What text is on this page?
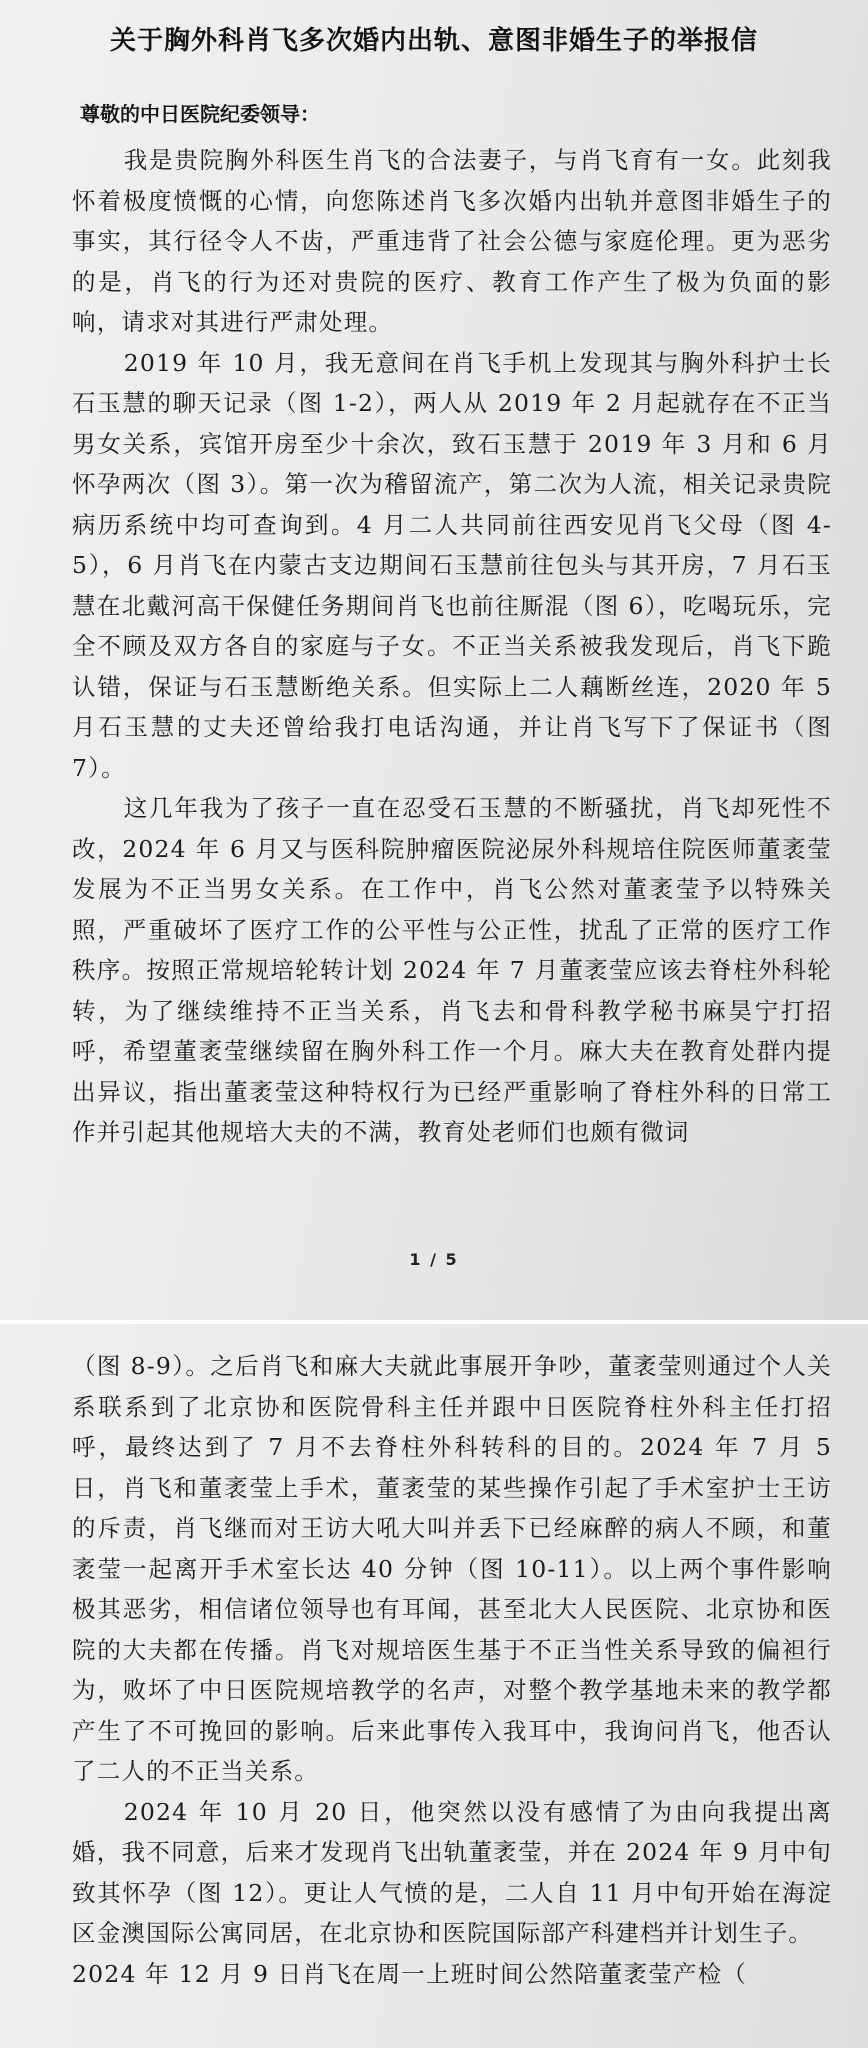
关于胸外科肖飞多次婚内出轨、意图非婚生子的举报信

尊敬的中日医院纪委领导：

我是贵院胸外科医生肖飞的合法妻子，与肖飞育有一女。此刻我怀着极度愤慨的心情，向您陈述肖飞多次婚内出轨并意图非婚生子的事实，其行径令人不齿，严重违背了社会公德与家庭伦理。更为恶劣的是，肖飞的行为还对贵院的医疗、教育工作产生了极为负面的影响，请求对其进行严肃处理。

2019 年 10 月，我无意间在肖飞手机上发现其与胸外科护士长石玉慧的聊天记录（图 1-2），两人从 2019 年 2 月起就存在不正当男女关系，宾馆开房至少十余次，致石玉慧于 2019 年 3 月和 6 月怀孕两次（图 3）。第一次为稽留流产，第二次为人流，相关记录贵院病历系统中均可查询到。4 月二人共同前往西安见肖飞父母（图 4-5），6 月肖飞在内蒙古支边期间石玉慧前往包头与其开房，7 月石玉慧在北戴河高干保健任务期间肖飞也前往厮混（图 6），吃喝玩乐，完全不顾及双方各自的家庭与子女。不正当关系被我发现后，肖飞下跪认错，保证与石玉慧断绝关系。但实际上二人藕断丝连，2020 年 5 月石玉慧的丈夫还曾给我打电话沟通，并让肖飞写下了保证书（图 7）。

这几年我为了孩子一直在忍受石玉慧的不断骚扰，肖飞却死性不改，2024 年 6 月又与医科院肿瘤医院泌尿外科规培住院医师董袤莹发展为不正当男女关系。在工作中，肖飞公然对董袤莹予以特殊关照，严重破坏了医疗工作的公平性与公正性，扰乱了正常的医疗工作秩序。按照正常规培轮转计划 2024 年 7 月董袤莹应该去脊柱外科轮转，为了继续维持不正当关系，肖飞去和骨科教学秘书麻昊宁打招呼，希望董袤莹继续留在胸外科工作一个月。麻大夫在教育处群内提出异议，指出董袤莹这种特权行为已经严重影响了脊柱外科的日常工作并引起其他规培大夫的不满，教育处老师们也颇有微词

1 / 5

（图 8-9）。之后肖飞和麻大夫就此事展开争吵，董袤莹则通过个人关系联系到了北京协和医院骨科主任并跟中日医院脊柱外科主任打招呼，最终达到了 7 月不去脊柱外科转科的目的。2024 年 7 月 5 日，肖飞和董袤莹上手术，董袤莹的某些操作引起了手术室护士王访的斥责，肖飞继而对王访大吼大叫并丢下已经麻醉的病人不顾，和董袤莹一起离开手术室长达 40 分钟（图 10-11）。以上两个事件影响极其恶劣，相信诸位领导也有耳闻，甚至北大人民医院、北京协和医院的大夫都在传播。肖飞对规培医生基于不正当性关系导致的偏袒行为，败坏了中日医院规培教学的名声，对整个教学基地未来的教学都产生了不可挽回的影响。后来此事传入我耳中，我询问肖飞，他否认了二人的不正当关系。

2024 年 10 月 20 日，他突然以没有感情了为由向我提出离婚，我不同意，后来才发现肖飞出轨董袤莹，并在 2024 年 9 月中旬致其怀孕（图 12）。更让人气愤的是，二人自 11 月中旬开始在海淀区金澳国际公寓同居，在北京协和医院国际部产科建档并计划生子。

2024 年 12 月 9 日肖飞在周一上班时间公然陪董袤莹产检（
